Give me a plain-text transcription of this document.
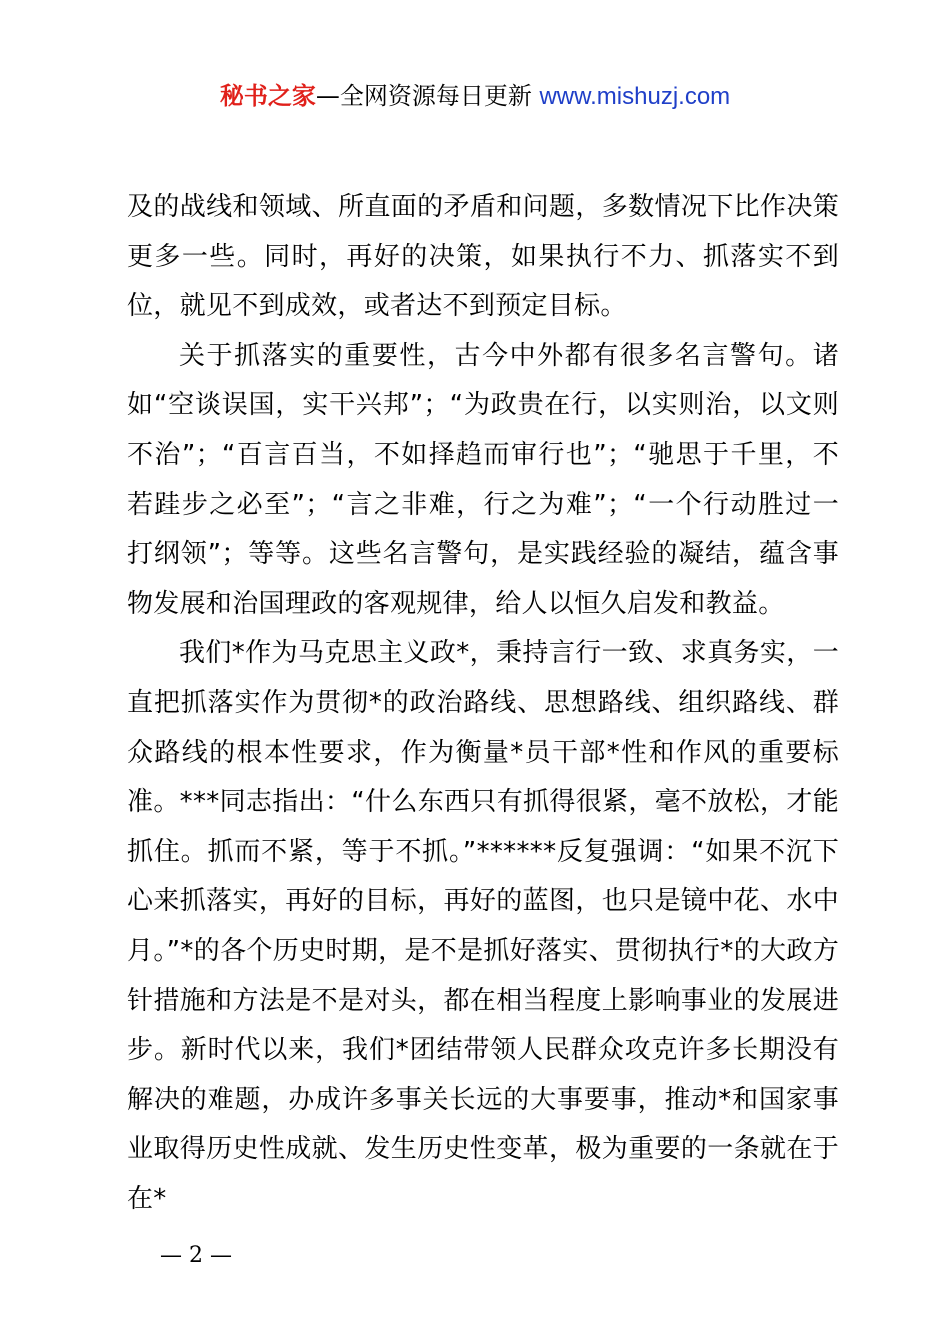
秘书之家—全网资源每日更新 www.mishuzj.com

及的战线和领域、所直面的矛盾和问题，多数情况下比作决策更多一些。同时，再好的决策，如果执行不力、抓落实不到位，就见不到成效，或者达不到预定目标。

关于抓落实的重要性，古今中外都有很多名言警句。诸如“空谈误国，实干兴邦”；“为政贵在行，以实则治，以文则不治”；“百言百当，不如择趋而审行也”；“驰思于千里，不若跬步之必至”；“言之非难，行之为难”；“一个行动胜过一打纲领”；等等。这些名言警句，是实践经验的凝结，蕴含事物发展和治国理政的客观规律，给人以恒久启发和教益。

我们*作为马克思主义政*，秉持言行一致、求真务实，一直把抓落实作为贯彻*的政治路线、思想路线、组织路线、群众路线的根本性要求，作为衡量*员干部*性和作风的重要标准。***同志指出：“什么东西只有抓得很紧，毫不放松，才能抓住。抓而不紧，等于不抓。”******反复强调：“如果不沉下心来抓落实，再好的目标，再好的蓝图，也只是镜中花、水中月。”*的各个历史时期，是不是抓好落实、贯彻执行*的大政方针措施和方法是不是对头，都在相当程度上影响事业的发展进步。新时代以来，我们*团结带领人民群众攻克许多长期没有解决的难题，办成许多事关长远的大事要事，推动*和国家事业取得历史性成就、发生历史性变革，极为重要的一条就在于在*

— 2 —
